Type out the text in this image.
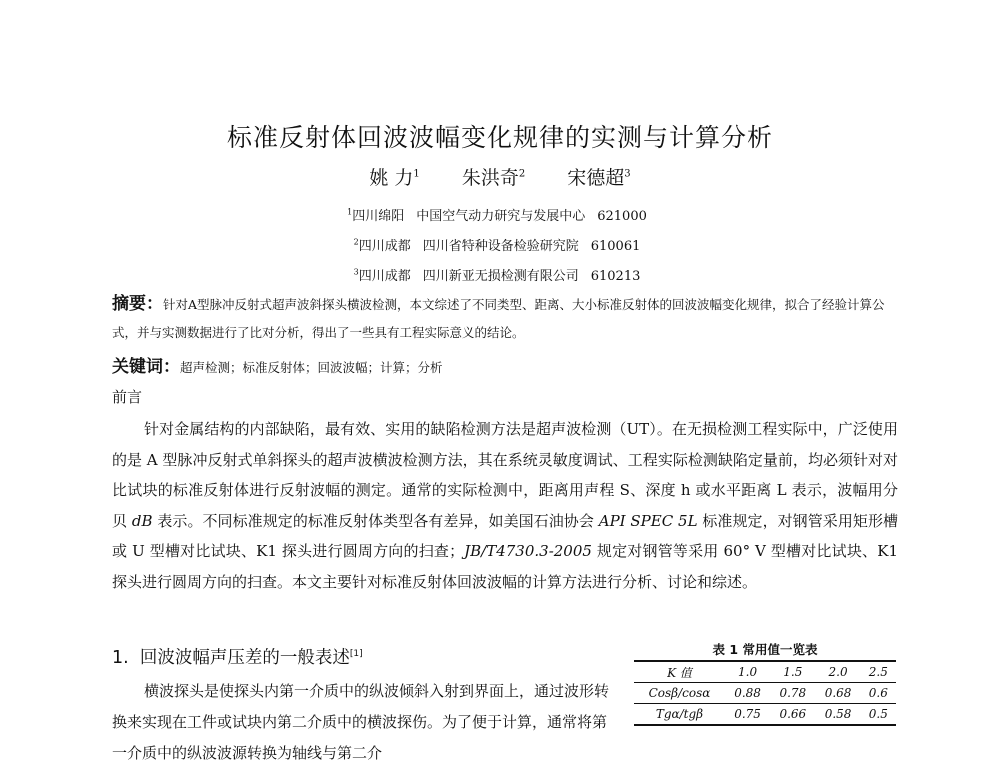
标准反射体回波波幅变化规律的实测与计算分析
姚 力$^1$ 朱洪奇$^2$ 宋德超$^3$
$^1$四川绵阳 中国空气动力研究与发展中心 621000
$^2$四川成都 四川省特种设备检验研究院 610061
$^3$四川成都 四川新亚无损检测有限公司 610213
摘要：针对A型脉冲反射式超声波斜探头横波检测，本文综述了不同类型、距离、大小标准反射体的回波波幅变化规律，拟合了经验计算公式，并与实测数据进行了比对分析，得出了一些具有工程实际意义的结论。
关键词：超声检测；标准反射体；回波波幅；计算；分析
前言
针对金属结构的内部缺陷，最有效、实用的缺陷检测方法是超声波检测（UT）。在无损检测工程实际中，广泛使用的是 A 型脉冲反射式单斜探头的超声波横波检测方法，其在系统灵敏度调试、工程实际检测缺陷定量前，均必须针对对比试块的标准反射体进行反射波幅的测定。通常的实际检测中，距离用声程 S、深度 h 或水平距离 L 表示，波幅用分贝 dB 表示。不同标准规定的标准反射体类型各有差异，如美国石油协会 API SPEC 5L 标准规定，对钢管采用矩形槽或 U 型槽对比试块、K1 探头进行圆周方向的扫查；JB/T4730.3-2005 规定对钢管等采用 60° V 型槽对比试块、K1 探头进行圆周方向的扫查。本文主要针对标准反射体回波波幅的计算方法进行分析、讨论和综述。
1. 回波波幅声压差的一般表述[1]
横波探头是使探头内第一介质中的纵波倾斜入射到界面上，通过波形转换来实现在工件或试块内第二介质中的横波探伤。为了便于计算，通常将第一介质中的纵波波源转换为轴线与第二介
表 1 常用值一览表
K 值	1.0	1.5	2.0	2.5
Cosβ/cosα	0.88	0.78	0.68	0.6
Tgα/tgβ	0.75	0.66	0.58	0.5
